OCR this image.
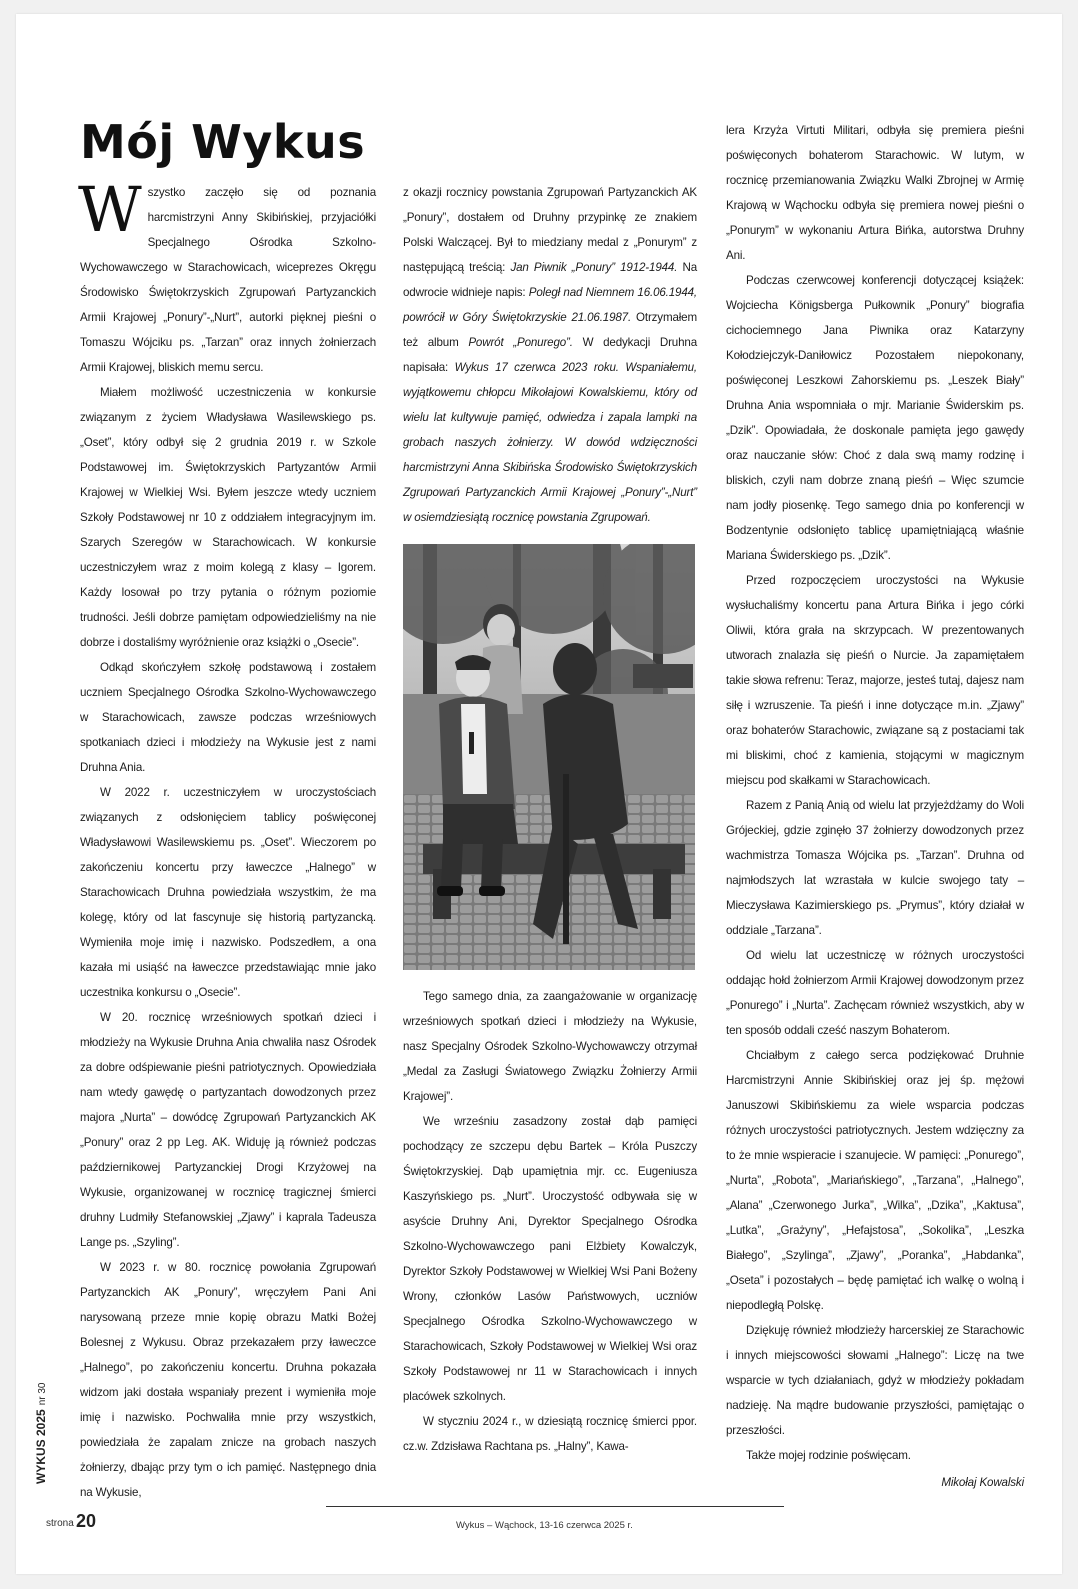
Mój Wykus

Wszystko zaczęło się od poznania harcmistrzyni Anny Skibińskiej, przyjaciółki Specjalnego Ośrodka Szkolno-Wychowawczego w Starachowicach, wiceprezes Okręgu Środowisko Świętokrzyskich Zgrupowań Partyzanckich Armii Krajowej „Ponury”-„Nurt”, autorki pięknej pieśni o Tomaszu Wójciku ps. „Tarzan” oraz innych żołnierzach Armii Krajowej, bliskich memu sercu.

Miałem możliwość uczestniczenia w konkursie związanym z życiem Władysława Wasilewskiego ps. „Oset”, który odbył się 2 grudnia 2019 r. w Szkole Podstawowej im. Świętokrzyskich Partyzantów Armii Krajowej w Wielkiej Wsi. Byłem jeszcze wtedy uczniem Szkoły Podstawowej nr 10 z oddziałem integracyjnym im. Szarych Szeregów w Starachowicach. W konkursie uczestniczyłem wraz z moim kolegą z klasy – Igorem. Każdy losował po trzy pytania o różnym poziomie trudności. Jeśli dobrze pamiętam odpowiedzieliśmy na nie dobrze i dostaliśmy wyróżnienie oraz książki o „Osecie”.

Odkąd skończyłem szkołę podstawową i zostałem uczniem Specjalnego Ośrodka Szkolno-Wychowawczego w Starachowicach, zawsze podczas wrześniowych spotkaniach dzieci i młodzieży na Wykusie jest z nami Druhna Ania.

W 2022 r. uczestniczyłem w uroczystościach związanych z odsłonięciem tablicy poświęconej Władysławowi Wasilewskiemu ps. „Oset”. Wieczorem po zakończeniu koncertu przy ławeczce „Halnego” w Starachowicach Druhna powiedziała wszystkim, że ma kolegę, który od lat fascynuje się historią partyzancką. Wymieniła moje imię i nazwisko. Podszedłem, a ona kazała mi usiąść na ławeczce przedstawiając mnie jako uczestnika konkursu o „Osecie”.

W 20. rocznicę wrześniowych spotkań dzieci i młodzieży na Wykusie Druhna Ania chwaliła nasz Ośrodek za dobre odśpiewanie pieśni patriotycznych. Opowiedziała nam wtedy gawędę o partyzantach dowodzonych przez majora „Nurta” – dowódcę Zgrupowań Partyzanckich AK „Ponury” oraz 2 pp Leg. AK. Widuję ją również podczas październikowej Partyzanckiej Drogi Krzyżowej na Wykusie, organizowanej w rocznicę tragicznej śmierci druhny Ludmiły Stefanowskiej „Zjawy” i kaprala Tadeusza Lange ps. „Szyling”.

W 2023 r. w 80. rocznicę powołania Zgrupowań Partyzanckich AK „Ponury”, wręczyłem Pani Ani narysowaną przeze mnie kopię obrazu Matki Bożej Bolesnej z Wykusu. Obraz przekazałem przy ławeczce „Halnego”, po zakończeniu koncertu. Druhna pokazała widzom jaki dostała wspaniały prezent i wymieniła moje imię i nazwisko. Pochwaliła mnie przy wszystkich, powiedziała że zapalam znicze na grobach naszych żołnierzy, dbając przy tym o ich pamięć. Następnego dnia na Wykusie,

z okazji rocznicy powstania Zgrupowań Partyzanckich AK „Ponury”, dostałem od Druhny przypinkę ze znakiem Polski Walczącej. Był to miedziany medal z „Ponurym” z następującą treścią: Jan Piwnik „Ponury” 1912-1944. Na odwrocie widnieje napis: Poległ nad Niemnem 16.06.1944, powrócił w Góry Świętokrzyskie 21.06.1987. Otrzymałem też album Powrót „Ponurego”. W dedykacji Druhna napisała: Wykus 17 czerwca 2023 roku. Wspaniałemu, wyjątkowemu chłopcu Mikołajowi Kowalskiemu, który od wielu lat kultywuje pamięć, odwiedza i zapala lampki na grobach naszych żołnierzy. W dowód wdzięczności harcmistrzyni Anna Skibińska Środowisko Świętokrzyskich Zgrupowań Partyzanckich Armii Krajowej „Ponury”-„Nurt” w osiemdziesiątą rocznicę powstania Zgrupowań.

Tego samego dnia, za zaangażowanie w organizację wrześniowych spotkań dzieci i młodzieży na Wykusie, nasz Specjalny Ośrodek Szkolno-Wychowawczy otrzymał „Medal za Zasługi Światowego Związku Żołnierzy Armii Krajowej”.

We wrześniu zasadzony został dąb pamięci pochodzący ze szczepu dębu Bartek – Króla Puszczy Świętokrzyskiej. Dąb upamiętnia mjr. cc. Eugeniusza Kaszyńskiego ps. „Nurt”. Uroczystość odbywała się w asyście Druhny Ani, Dyrektor Specjalnego Ośrodka Szkolno-Wychowawczego pani Elżbiety Kowalczyk, Dyrektor Szkoły Podstawowej w Wielkiej Wsi Pani Bożeny Wrony, członków Lasów Państwowych, uczniów Specjalnego Ośrodka Szkolno-Wychowawczego w Starachowicach, Szkoły Podstawowej w Wielkiej Wsi oraz Szkoły Podstawowej nr 11 w Starachowicach i innych placówek szkolnych.

W styczniu 2024 r., w dziesiątą rocznicę śmierci ppor. cz.w. Zdzisława Rachtana ps. „Halny”, Kawa-

lera Krzyża Virtuti Militari, odbyła się premiera pieśni poświęconych bohaterom Starachowic. W lutym, w rocznicę przemianowania Związku Walki Zbrojnej w Armię Krajową w Wąchocku odbyła się premiera nowej pieśni o „Ponurym” w wykonaniu Artura Bińka, autorstwa Druhny Ani.

Podczas czerwcowej konferencji dotyczącej książek: Wojciecha Königsberga Pułkownik „Ponury” biografia cichociemnego Jana Piwnika oraz Katarzyny Kołodziejczyk-Daniłowicz Pozostałem niepokonany, poświęconej Leszkowi Zahorskiemu ps. „Leszek Biały” Druhna Ania wspomniała o mjr. Marianie Świderskim ps. „Dzik”. Opowiadała, że doskonale pamięta jego gawędy oraz nauczanie słów: Choć z dala swą mamy rodzinę i bliskich, czyli nam dobrze znaną pieśń – Więc szumcie nam jodły piosenkę. Tego samego dnia po konferencji w Bodzentynie odsłonięto tablicę upamiętniającą właśnie Mariana Świderskiego ps. „Dzik”.

Przed rozpoczęciem uroczystości na Wykusie wysłuchaliśmy koncertu pana Artura Bińka i jego córki Oliwii, która grała na skrzypcach. W prezentowanych utworach znalazła się pieśń o Nurcie. Ja zapamiętałem takie słowa refrenu: Teraz, majorze, jesteś tutaj, dajesz nam siłę i wzruszenie. Ta pieśń i inne dotyczące m.in. „Zjawy” oraz bohaterów Starachowic, związane są z postaciami tak mi bliskimi, choć z kamienia, stojącymi w magicznym miejscu pod skałkami w Starachowicach.

Razem z Panią Anią od wielu lat przyjeżdżamy do Woli Grójeckiej, gdzie zginęło 37 żołnierzy dowodzonych przez wachmistrza Tomasza Wójcika ps. „Tarzan”. Druhna od najmłodszych lat wzrastała w kulcie swojego taty – Mieczysława Kazimierskiego ps. „Prymus”, który działał w oddziale „Tarzana”.

Od wielu lat uczestniczę w różnych uroczystości oddając hołd żołnierzom Armii Krajowej dowodzonym przez „Ponurego” i „Nurta”. Zachęcam również wszystkich, aby w ten sposób oddali cześć naszym Bohaterom.

Chciałbym z całego serca podziękować Druhnie Harcmistrzyni Annie Skibińskiej oraz jej śp. mężowi Januszowi Skibińskiemu za wiele wsparcia podczas różnych uroczystości patriotycznych. Jestem wdzięczny za to że mnie wspieracie i szanujecie. W pamięci: „Ponurego”, „Nurta”, „Robota”, „Mariańskiego”, „Tarzana”, „Halnego”, „Alana” „Czerwonego Jurka”, „Wilka”, „Dzika”, „Kaktusa”, „Lutka”, „Grażyny”, „Hefajstosa”, „Sokolika”, „Leszka Białego”, „Szylinga”, „Zjawy”, „Poranka”, „Habdanka”, „Oseta” i pozostałych – będę pamiętać ich walkę o wolną i niepodległą Polskę.

Dziękuję również młodzieży harcerskiej ze Starachowic i innych miejscowości słowami „Halnego”: Liczę na twe wsparcie w tych działaniach, gdyż w młodzieży pokładam nadzieję. Na mądre budowanie przyszłości, pamiętając o przeszłości.

Także mojej rodzinie poświęcam.

Mikołaj Kowalski

WYKUS 2025nr 30
strona 20	Wykus – Wąchock, 13-16 czerwca 2025 r.
